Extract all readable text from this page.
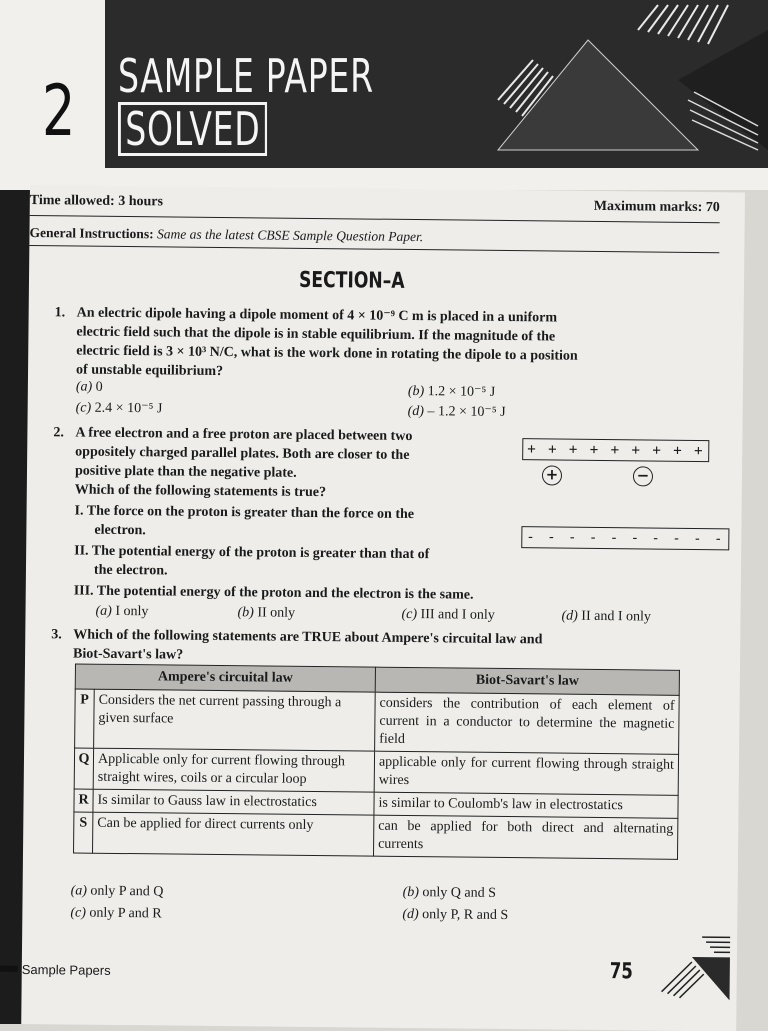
2 SAMPLE PAPER
SOLVED
Time allowed: 3 hours	Maximum marks: 70
General Instructions: Same as the latest CBSE Sample Question Paper.
SECTION–A
1. An electric dipole having a dipole moment of 4 × 10⁻⁹ C m is placed in a uniform
electric field such that the dipole is in stable equilibrium. If the magnitude of the
electric field is 3 × 10³ N/C, what is the work done in rotating the dipole to a position
of unstable equilibrium?
(a) 0	(b) 1.2 × 10⁻⁵ J
(c) 2.4 × 10⁻⁵ J	(d) – 1.2 × 10⁻⁵ J
2. A free electron and a free proton are placed between two
oppositely charged parallel plates. Both are closer to the
positive plate than the negative plate.
Which of the following statements is true?
I. The force on the proton is greater than the force on the
electron.
II. The potential energy of the proton is greater than that of
the electron.
III. The potential energy of the proton and the electron is the same.
+ + + + + + + + +
+	−
- - - - - - - - - -
(a) I only	(b) II only	(c) III and I only	(d) II and I only
3. Which of the following statements are TRUE about Ampere's circuital law and
Biot-Savart's law?
Ampere's circuital law		Biot-Savart's law
P	Considers the net current passing through a given surface	considers the contribution of each element of current in a conductor to determine the magnetic field
Q	Applicable only for current flowing through straight wires, coils or a circular loop	applicable only for current flowing through straight wires
R	Is similar to Gauss law in electrostatics	is similar to Coulomb's law in electrostatics
S	Can be applied for direct currents only	can be applied for both direct and alternating currents
(a) only P and Q	(b) only Q and S
(c) only P and R	(d) only P, R and S
Sample Papers	75
